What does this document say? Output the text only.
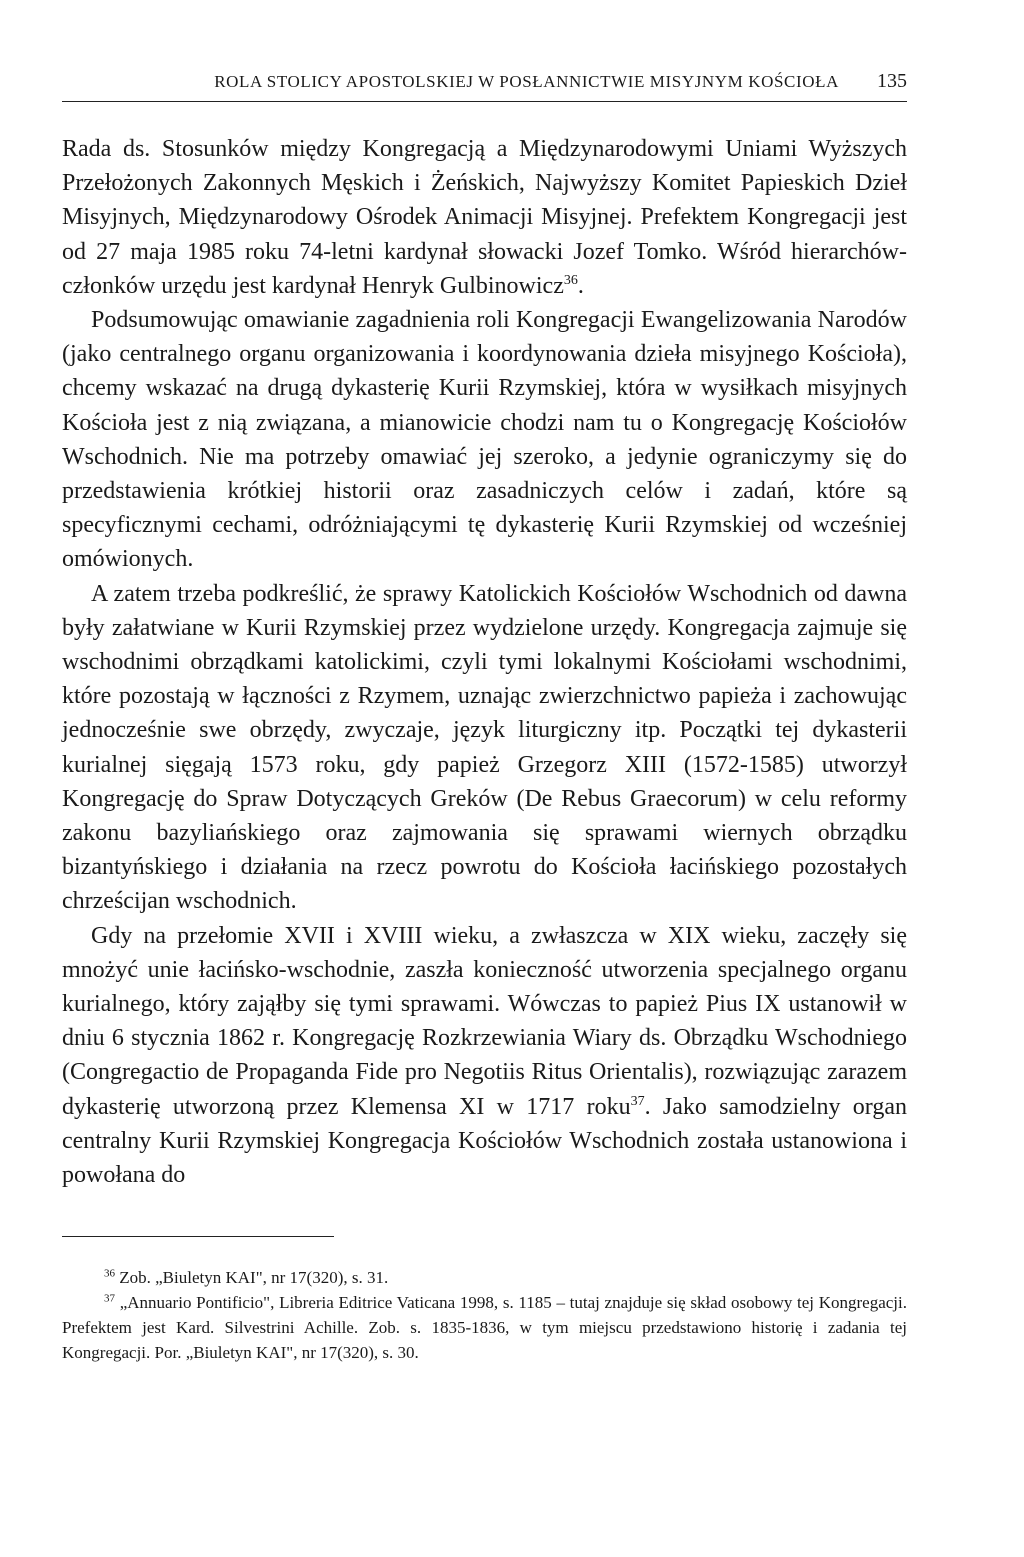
ROLA STOLICY APOSTOLSKIEJ W POSŁANNICTWIE MISYJNYM KOŚCIOŁA 135

Rada ds. Stosunków między Kongregacją a Międzynarodowymi Uniami Wyższych Przełożonych Zakonnych Męskich i Żeńskich, Najwyższy Komitet Papieskich Dzieł Misyjnych, Międzynarodowy Ośrodek Animacji Misyjnej. Prefektem Kongregacji jest od 27 maja 1985 roku 74-letni kardynał słowacki Jozef Tomko. Wśród hierarchów-członków urzędu jest kardynał Henryk Gulbinowicz$^{36}$.

Podsumowując omawianie zagadnienia roli Kongregacji Ewangelizowania Narodów (jako centralnego organu organizowania i koordynowania dzieła misyjnego Kościoła), chcemy wskazać na drugą dykasterię Kurii Rzymskiej, która w wysiłkach misyjnych Kościoła jest z nią związana, a mianowicie chodzi nam tu o Kongregację Kościołów Wschodnich. Nie ma potrzeby omawiać jej szeroko, a jedynie ograniczymy się do przedstawienia krótkiej historii oraz zasadniczych celów i zadań, które są specyficznymi cechami, odróżniającymi tę dykasterię Kurii Rzymskiej od wcześniej omówionych.

A zatem trzeba podkreślić, że sprawy Katolickich Kościołów Wschodnich od dawna były załatwiane w Kurii Rzymskiej przez wydzielone urzędy. Kongregacja zajmuje się wschodnimi obrządkami katolickimi, czyli tymi lokalnymi Kościołami wschodnimi, które pozostają w łączności z Rzymem, uznając zwierzchnictwo papieża i zachowując jednocześnie swe obrzędy, zwyczaje, język liturgiczny itp. Początki tej dykasterii kurialnej sięgają 1573 roku, gdy papież Grzegorz XIII (1572-1585) utworzył Kongregację do Spraw Dotyczących Greków (De Rebus Graecorum) w celu reformy zakonu bazyliańskiego oraz zajmowania się sprawami wiernych obrządku bizantyńskiego i działania na rzecz powrotu do Kościoła łacińskiego pozostałych chrześcijan wschodnich.

Gdy na przełomie XVII i XVIII wieku, a zwłaszcza w XIX wieku, zaczęły się mnożyć unie łacińsko-wschodnie, zaszła konieczność utworzenia specjalnego organu kurialnego, który zająłby się tymi sprawami. Wówczas to papież Pius IX ustanowił w dniu 6 stycznia 1862 r. Kongregację Rozkrzewiania Wiary ds. Obrządku Wschodniego (Congregactio de Propaganda Fide pro Negotiis Ritus Orientalis), rozwiązując zarazem dykasterię utworzoną przez Klemensa XI w 1717 roku$^{37}$. Jako samodzielny organ centralny Kurii Rzymskiej Kongregacja Kościołów Wschodnich została ustanowiona i powołana do

$^{36}$ Zob. „Biuletyn KAI", nr 17(320), s. 31.

$^{37}$ „Annuario Pontificio", Libreria Editrice Vaticana 1998, s. 1185 – tutaj znajduje się skład osobowy tej Kongregacji. Prefektem jest Kard. Silvestrini Achille. Zob. s. 1835-1836, w tym miejscu przedstawiono historię i zadania tej Kongregacji. Por. „Biuletyn KAI", nr 17(320), s. 30.
